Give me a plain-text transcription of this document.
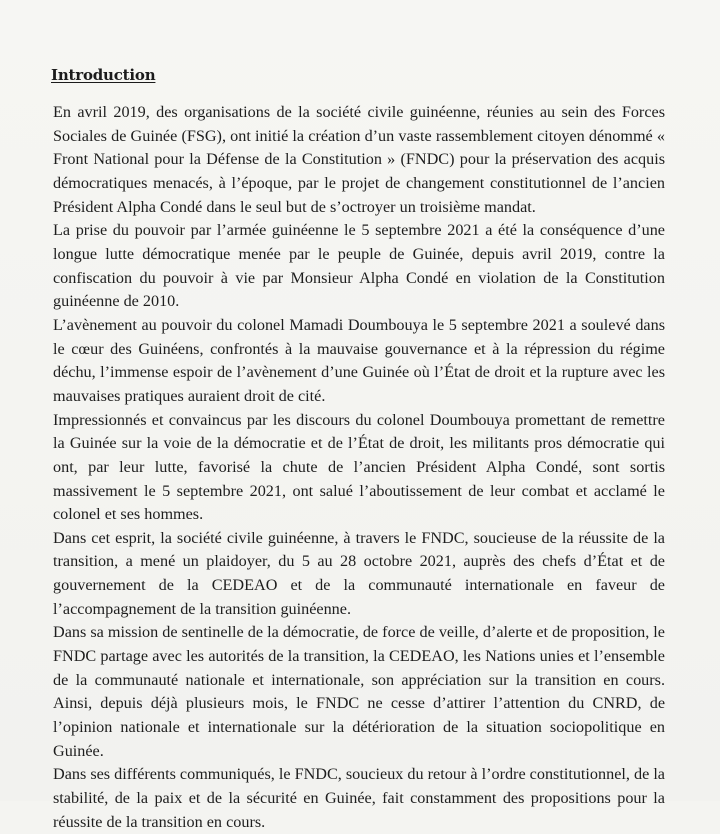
Introduction

En avril 2019, des organisations de la société civile guinéenne, réunies au sein des Forces Sociales de Guinée (FSG), ont initié la création d’un vaste rassemblement citoyen dénommé « Front National pour la Défense de la Constitution » (FNDC) pour la préservation des acquis démocratiques menacés, à l’époque, par le projet de changement constitutionnel de l’ancien Président Alpha Condé dans le seul but de s’octroyer un troisième mandat.

La prise du pouvoir par l’armée guinéenne le 5 septembre 2021 a été la conséquence d’une longue lutte démocratique menée par le peuple de Guinée, depuis avril 2019, contre la confiscation du pouvoir à vie par Monsieur Alpha Condé en violation de la Constitution guinéenne de 2010.

L’avènement au pouvoir du colonel Mamadi Doumbouya le 5 septembre 2021 a soulevé dans le cœur des Guinéens, confrontés à la mauvaise gouvernance et à la répression du régime déchu, l’immense espoir de l’avènement d’une Guinée où l’État de droit et la rupture avec les mauvaises pratiques auraient droit de cité.

Impressionnés et convaincus par les discours du colonel Doumbouya promettant de remettre la Guinée sur la voie de la démocratie et de l’État de droit, les militants pros démocratie qui ont, par leur lutte, favorisé la chute de l’ancien Président Alpha Condé, sont sortis massivement le 5 septembre 2021, ont salué l’aboutissement de leur combat et acclamé le colonel et ses hommes.

Dans cet esprit, la société civile guinéenne, à travers le FNDC, soucieuse de la réussite de la transition, a mené un plaidoyer, du 5 au 28 octobre 2021, auprès des chefs d’État et de gouvernement de la CEDEAO et de la communauté internationale en faveur de l’accompagnement de la transition guinéenne.

Dans sa mission de sentinelle de la démocratie, de force de veille, d’alerte et de proposition, le FNDC partage avec les autorités de la transition, la CEDEAO, les Nations unies et l’ensemble de la communauté nationale et internationale, son appréciation sur la transition en cours. Ainsi, depuis déjà plusieurs mois, le FNDC ne cesse d’attirer l’attention du CNRD, de l’opinion nationale et internationale sur la détérioration de la situation sociopolitique en Guinée.

Dans ses différents communiqués, le FNDC, soucieux du retour à l’ordre constitutionnel, de la stabilité, de la paix et de la sécurité en Guinée, fait constamment des propositions pour la réussite de la transition en cours.
